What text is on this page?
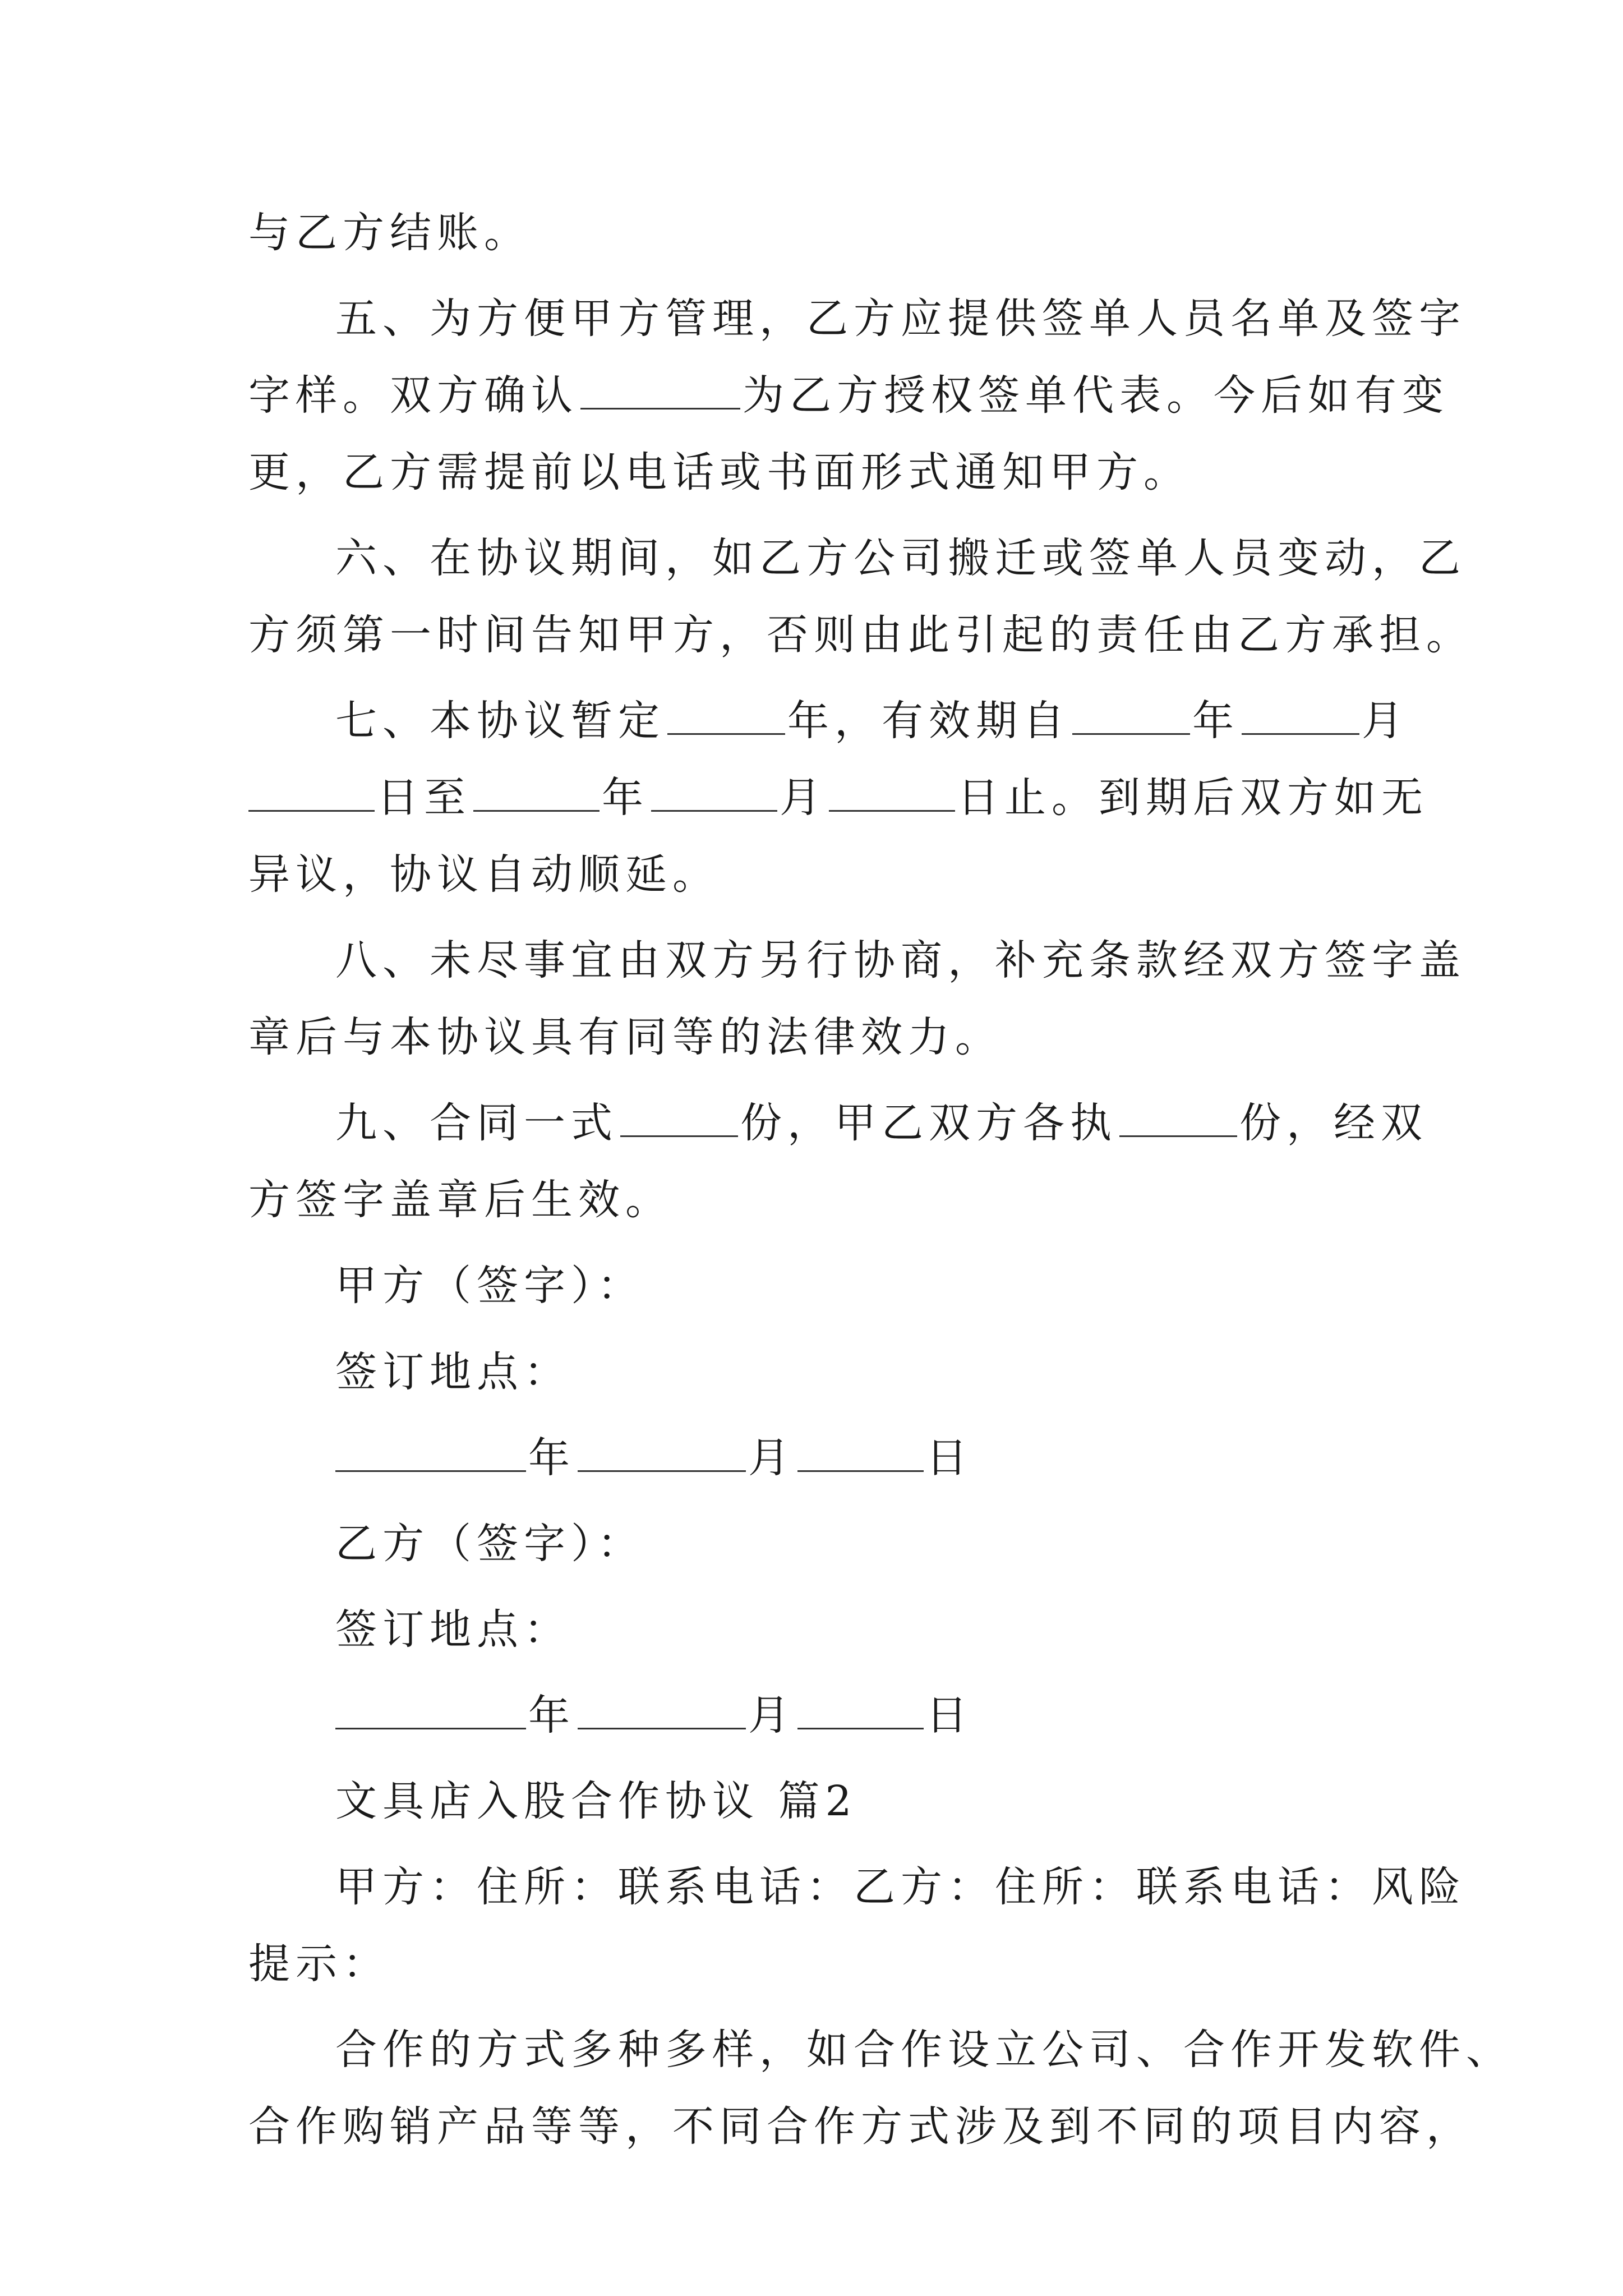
与乙方结账。
五、为方便甲方管理，乙方应提供签单人员名单及签字
字样。双方确认	为乙方授权签单代表。今后如有变
更，乙方需提前以电话或书面形式通知甲方。
六、在协议期间，如乙方公司搬迁或签单人员变动，乙
方须第一时间告知甲方，否则由此引起的责任由乙方承担。
七、本协议暂定	年，有效期自	年	月
日至	年	月	日止。到期后双方如无
异议，协议自动顺延。
八、未尽事宜由双方另行协商，补充条款经双方签字盖
章后与本协议具有同等的法律效力。
九、合同一式	份，甲乙双方各执	份，经双
方签字盖章后生效。
甲方（签字）：
签订地点：
年	月	日
乙方（签字）：
签订地点：
年	月	日
文具店入股合作协议 篇2
甲方：住所：联系电话：乙方：住所：联系电话：风险
提示：
合作的方式多种多样，如合作设立公司、合作开发软件、
合作购销产品等等，不同合作方式涉及到不同的项目内容，
